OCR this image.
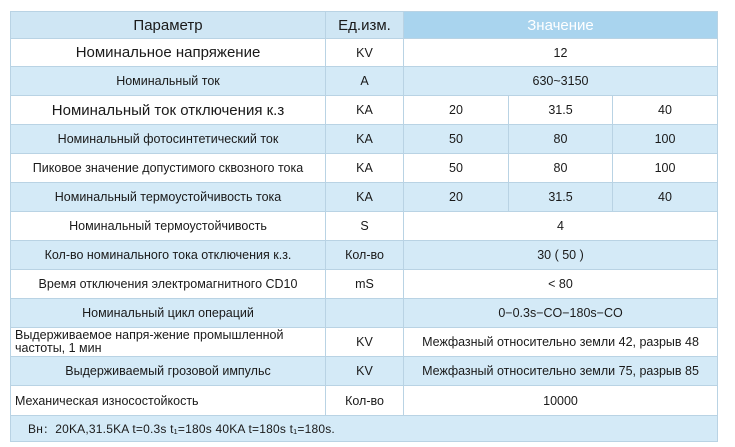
Параметр	Ед.изм.	Значение		
Номинальное напряжение	KV	12		
Номинальный ток	A	630~3150		
Номинальный ток отключения к.з	KA	20	31.5	40
Номинальный фотосинтетический ток	KA	50	80	100
Пиковое значение допустимого сквозного тока	KA	50	80	100
Номинальный термоустойчивость тока	KA	20	31.5	40
Номинальный термоустойчивость	S	4		
Кол-во номинального тока отключения к.з.	Кол-во	30 ( 50 )		
Время отключения электромагнитного CD10	mS	< 80		
Номинальный цикл операций		0−0.3s−CO−180s−CO		
Выдерживаемое напря-жение промышленной частоты, 1 мин	KV	Межфазный относительно земли 42, разрыв 48		
Выдерживаемый грозовой импульс	KV	Межфазный относительно земли 75, разрыв 85		
Механическая износостойкость	Кол-во	10000		
Вн：20KA,31.5KA t=0.3s t₁=180s 40KA t=180s t₁=180s.				
